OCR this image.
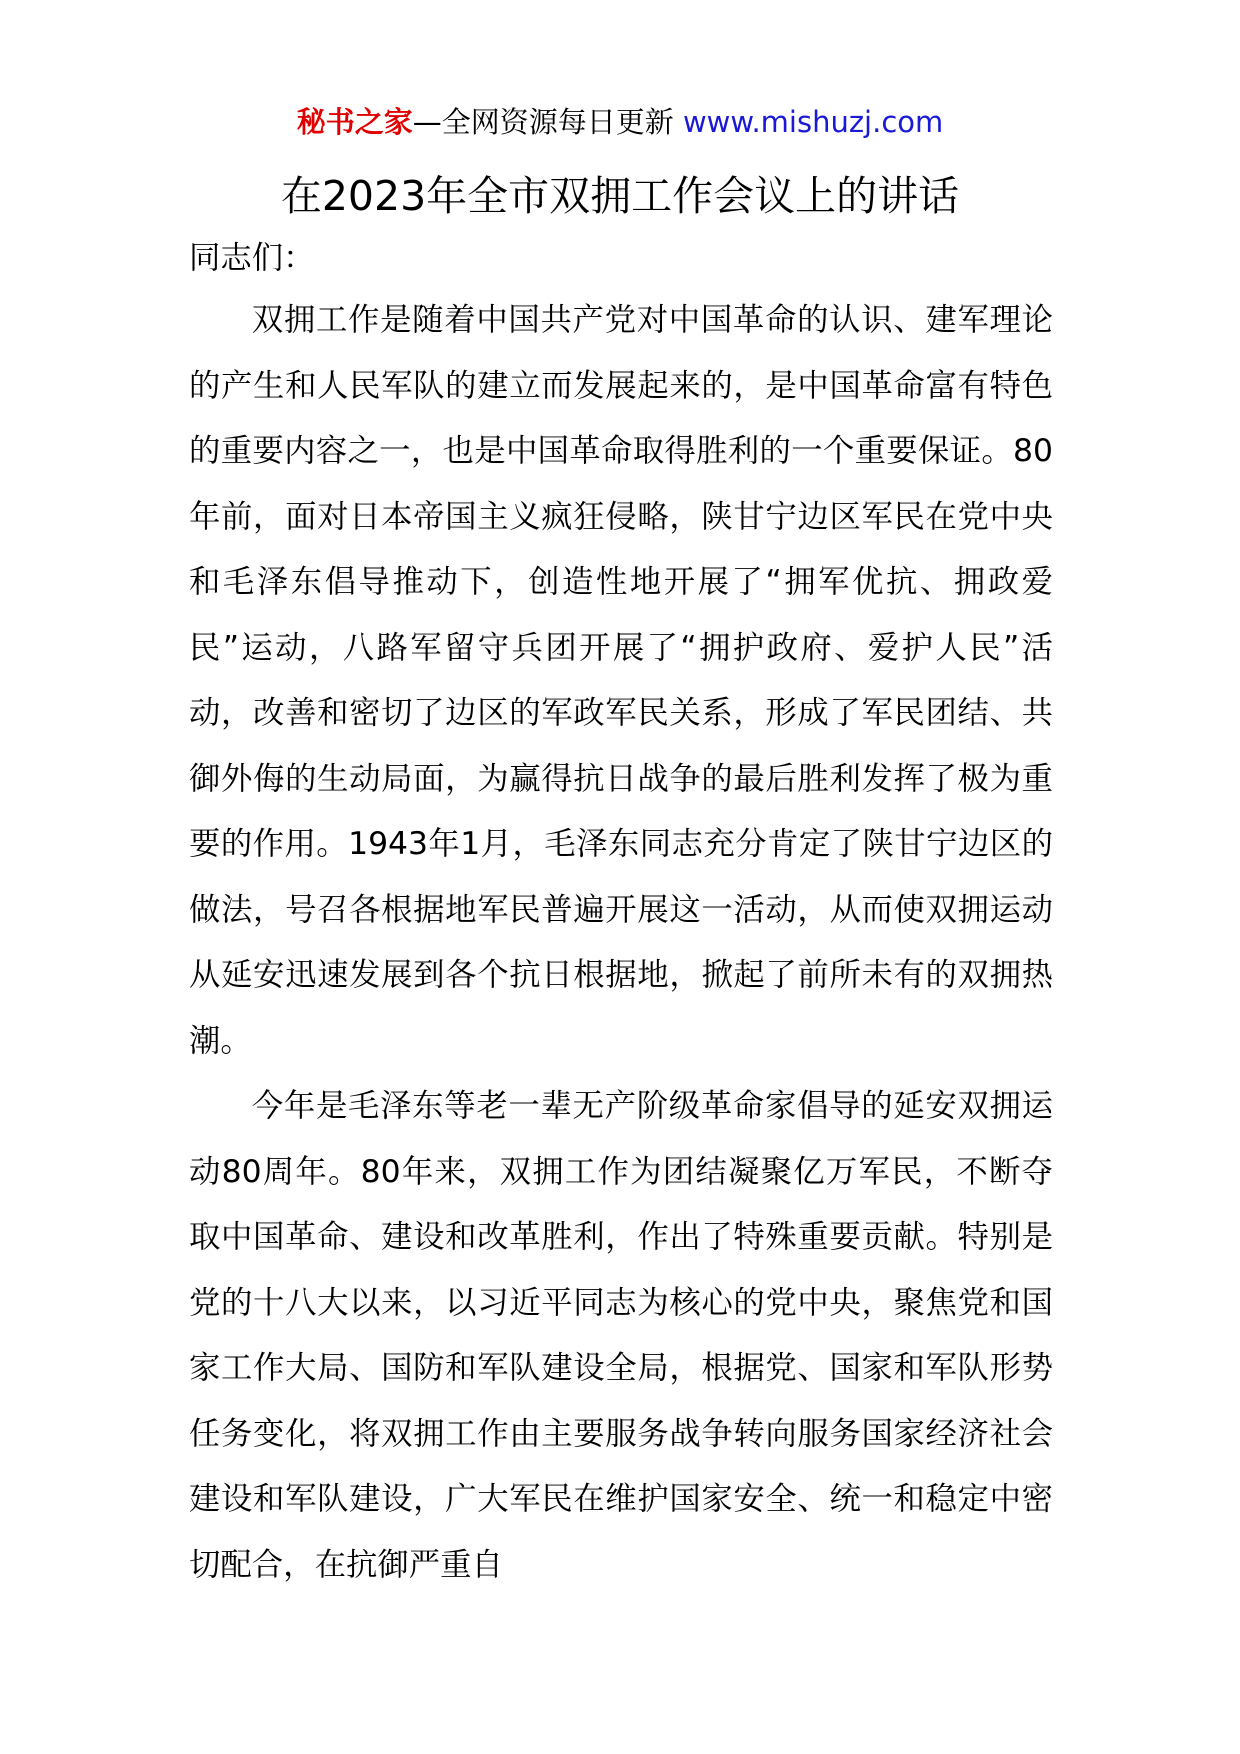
秘书之家—全网资源每日更新 www.mishuzj.com
在2023年全市双拥工作会议上的讲话

同志们：

双拥工作是随着中国共产党对中国革命的认识、建军理论的产生和人民军队的建立而发展起来的，是中国革命富有特色的重要内容之一，也是中国革命取得胜利的一个重要保证。80年前，面对日本帝国主义疯狂侵略，陕甘宁边区军民在党中央和毛泽东倡导推动下，创造性地开展了“拥军优抗、拥政爱民”运动，八路军留守兵团开展了“拥护政府、爱护人民”活动，改善和密切了边区的军政军民关系，形成了军民团结、共御外侮的生动局面，为赢得抗日战争的最后胜利发挥了极为重要的作用。1943年1月，毛泽东同志充分肯定了陕甘宁边区的做法，号召各根据地军民普遍开展这一活动，从而使双拥运动从延安迅速发展到各个抗日根据地，掀起了前所未有的双拥热潮。

今年是毛泽东等老一辈无产阶级革命家倡导的延安双拥运动80周年。80年来，双拥工作为团结凝聚亿万军民，不断夺取中国革命、建设和改革胜利，作出了特殊重要贡献。特别是党的十八大以来，以习近平同志为核心的党中央，聚焦党和国家工作大局、国防和军队建设全局，根据党、国家和军队形势任务变化，将双拥工作由主要服务战争转向服务国家经济社会建设和军队建设，广大军民在维护国家安全、统一和稳定中密切配合，在抗御严重自
